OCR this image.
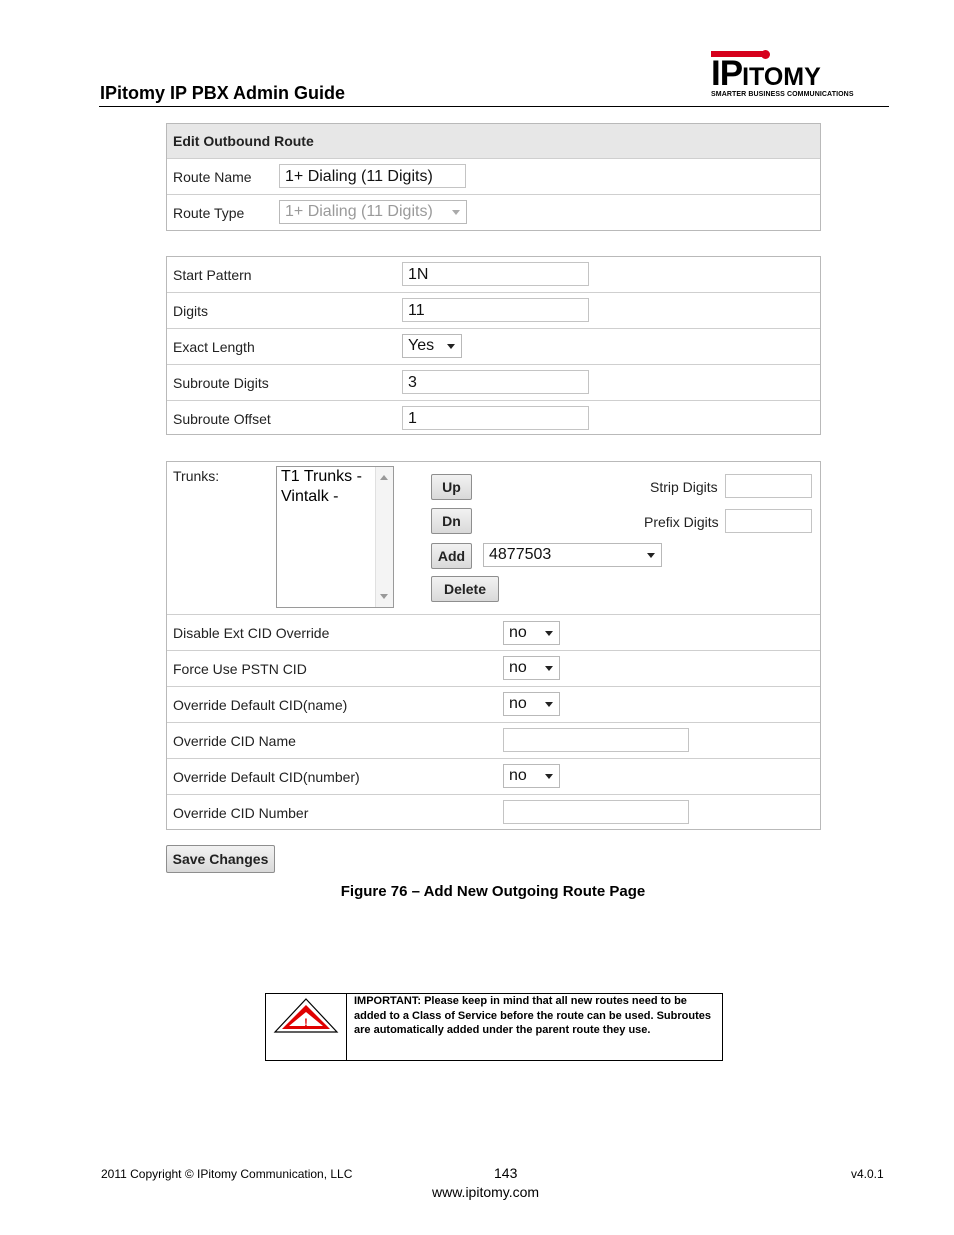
IPitomy IP PBX Admin Guide	IPITOMY
SMARTER BUSINESS COMMUNICATIONS
Edit Outbound Route
Route Name	1+ Dialing (11 Digits)
Route Type	1+ Dialing (11 Digits)
Start Pattern	1N
Digits	11
Exact Length	Yes
Subroute Digits	3
Subroute Offset	1
Trunks:	T1 Trunks -
Vintalk -
Up
Dn
Add
Delete
4877503
Strip Digits
Prefix Digits
Disable Ext CID Override	no
Force Use PSTN CID	no
Override Default CID(name)	no
Override CID Name
Override Default CID(number)	no
Override CID Number
Save Changes
Figure 76 – Add New Outgoing Route Page
!
IMPORTANT: Please keep in mind that all new routes need to be added to a Class of Service before the route can be used. Subroutes are automatically added under the parent route they use.
2011 Copyright © IPitomy Communication, LLC	143
www.ipitomy.com
v4.0.1
